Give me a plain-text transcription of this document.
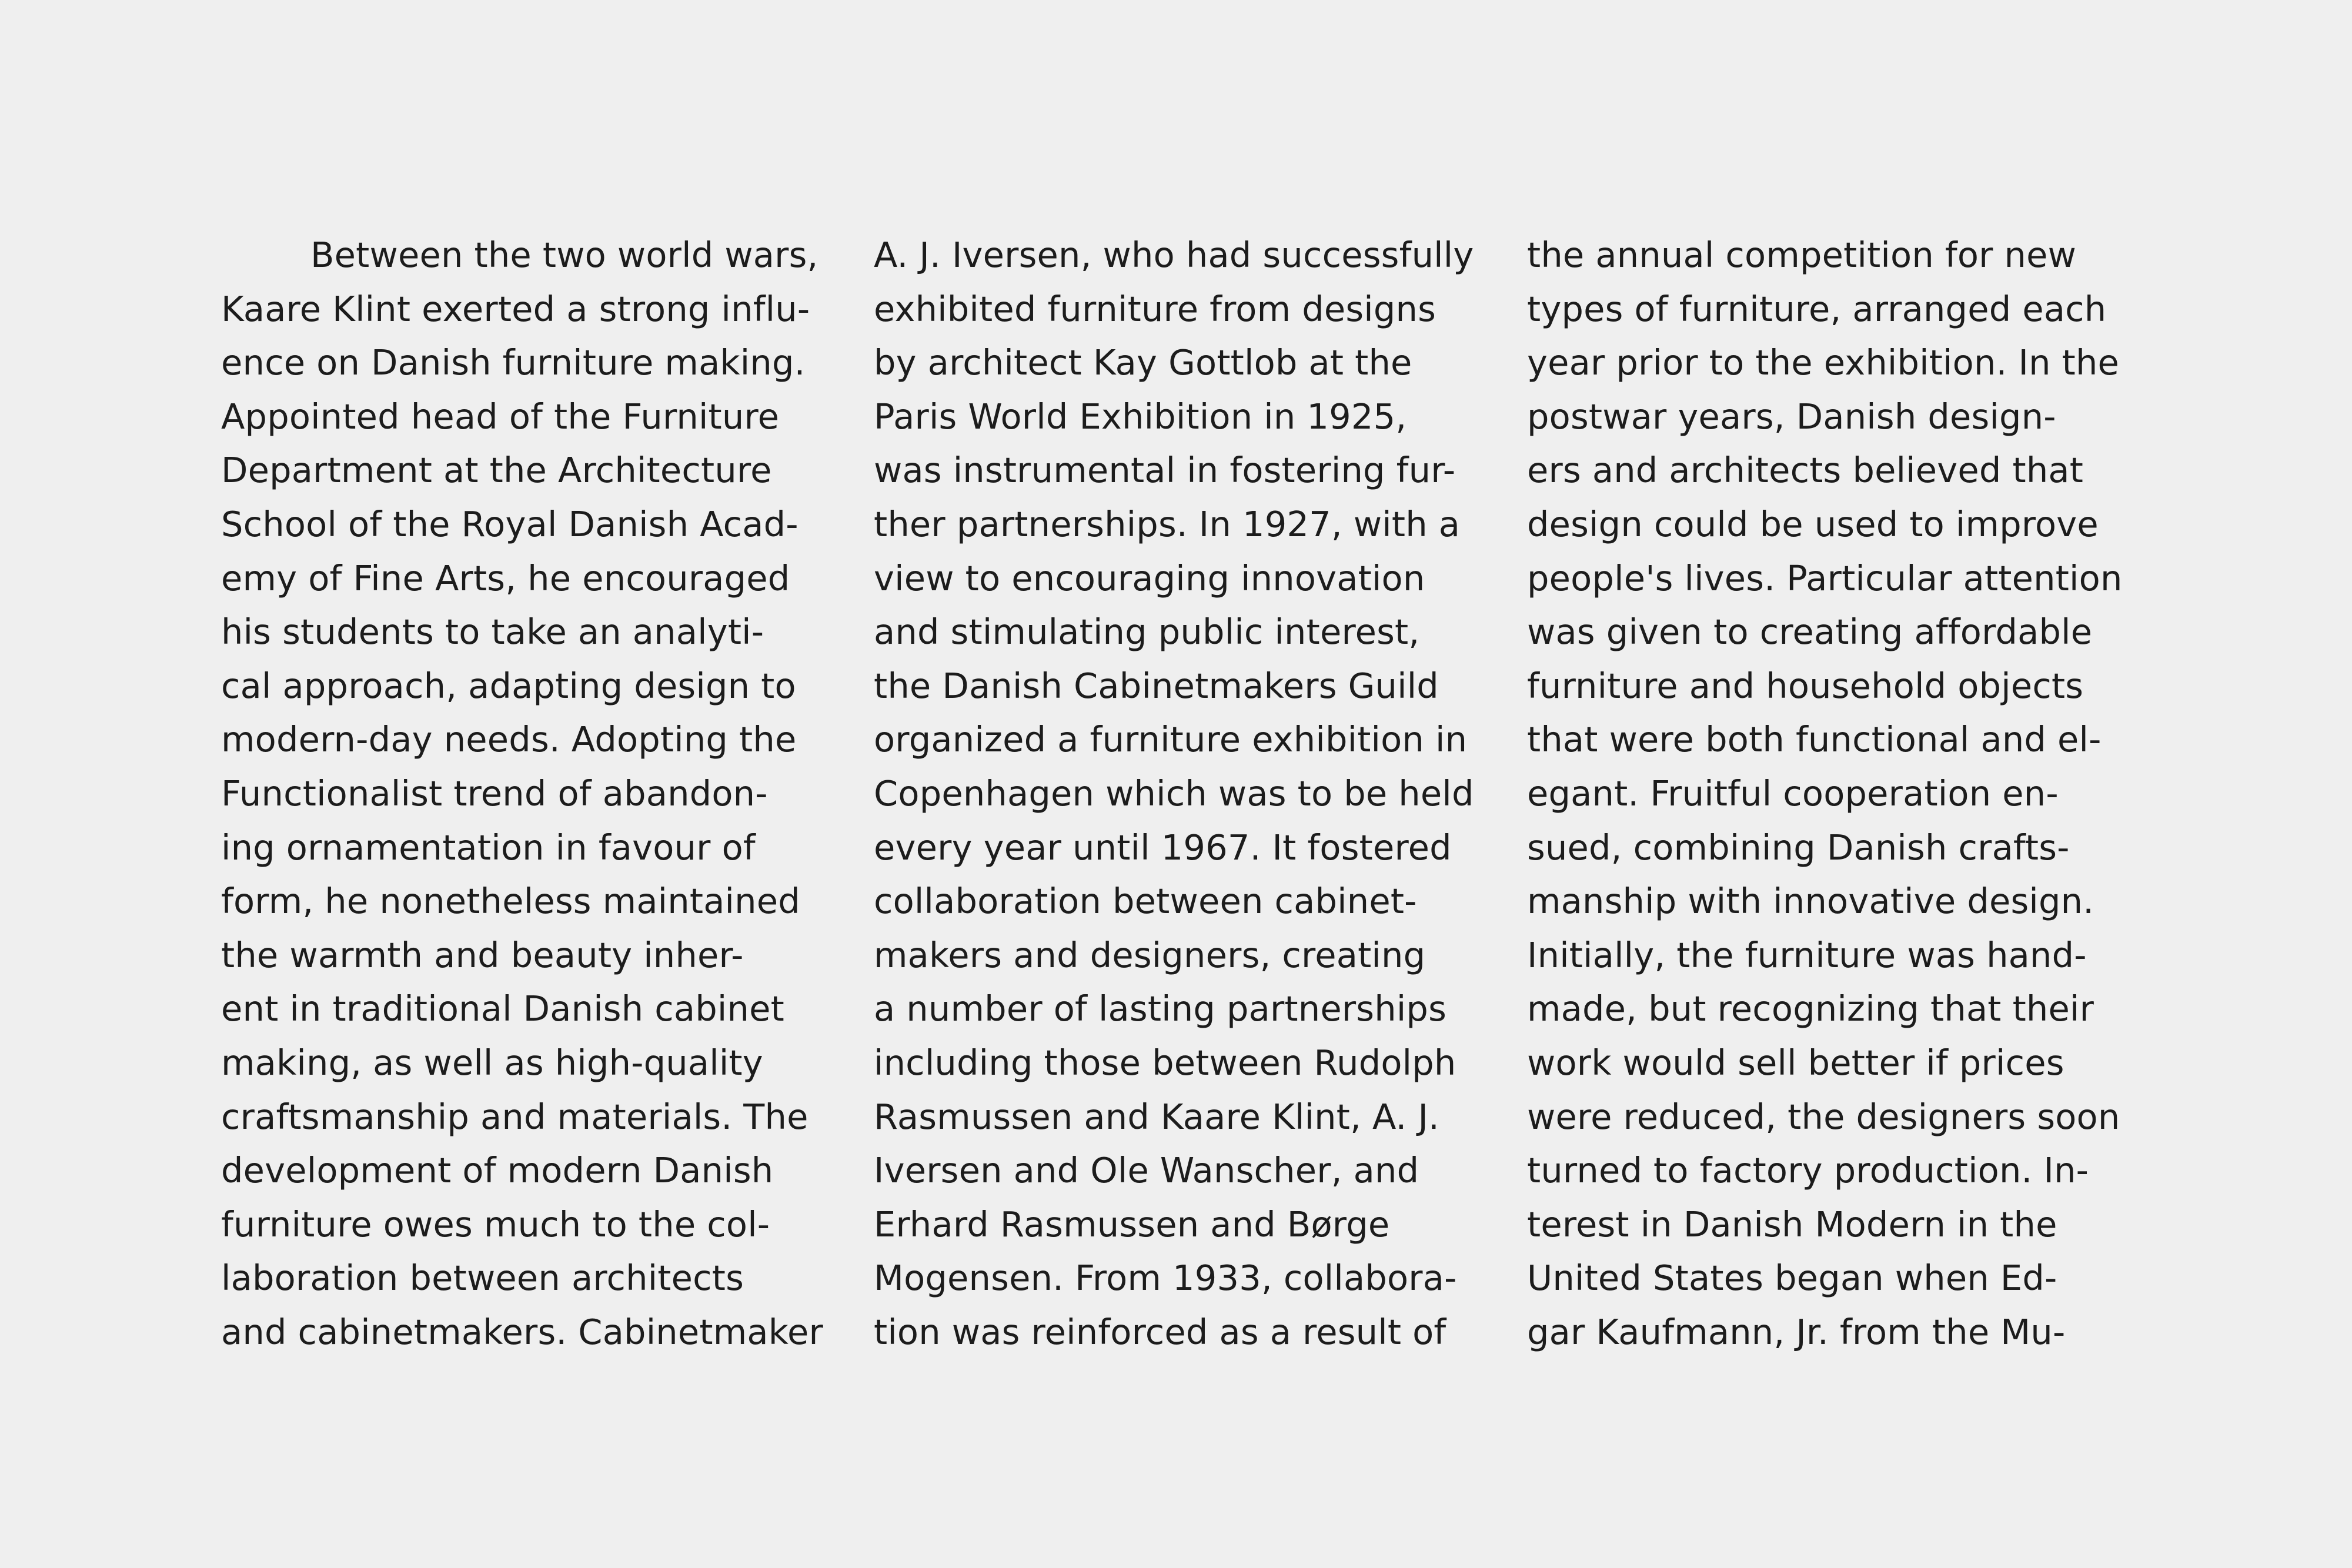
Between the two world wars,
Kaare Klint exerted a strong influ-
ence on Danish furniture making.
Appointed head of the Furniture
Department at the Architecture
School of the Royal Danish Acad-
emy of Fine Arts, he encouraged
his students to take an analyti-
cal approach, adapting design to
modern-day needs. Adopting the
Functionalist trend of abandon-
ing ornamentation in favour of
form, he nonetheless maintained
the warmth and beauty inher-
ent in traditional Danish cabinet
making, as well as high-quality
craftsmanship and materials. The
development of modern Danish
furniture owes much to the col-
laboration between architects
and cabinetmakers. Cabinetmaker
A. J. Iversen, who had successfully
exhibited furniture from designs
by architect Kay Gottlob at the
Paris World Exhibition in 1925,
was instrumental in fostering fur-
ther partnerships. In 1927, with a
view to encouraging innovation
and stimulating public interest,
the Danish Cabinetmakers Guild
organized a furniture exhibition in
Copenhagen which was to be held
every year until 1967. It fostered
collaboration between cabinet-
makers and designers, creating
a number of lasting partnerships
including those between Rudolph
Rasmussen and Kaare Klint, A. J.
Iversen and Ole Wanscher, and
Erhard Rasmussen and Børge
Mogensen. From 1933, collabora-
tion was reinforced as a result of
the annual competition for new
types of furniture, arranged each
year prior to the exhibition. In the
postwar years, Danish design-
ers and architects believed that
design could be used to improve
people's lives. Particular attention
was given to creating affordable
furniture and household objects
that were both functional and el-
egant. Fruitful cooperation en-
sued, combining Danish crafts-
manship with innovative design.
Initially, the furniture was hand-
made, but recognizing that their
work would sell better if prices
were reduced, the designers soon
turned to factory production. In-
terest in Danish Modern in the
United States began when Ed-
gar Kaufmann, Jr. from the Mu-
